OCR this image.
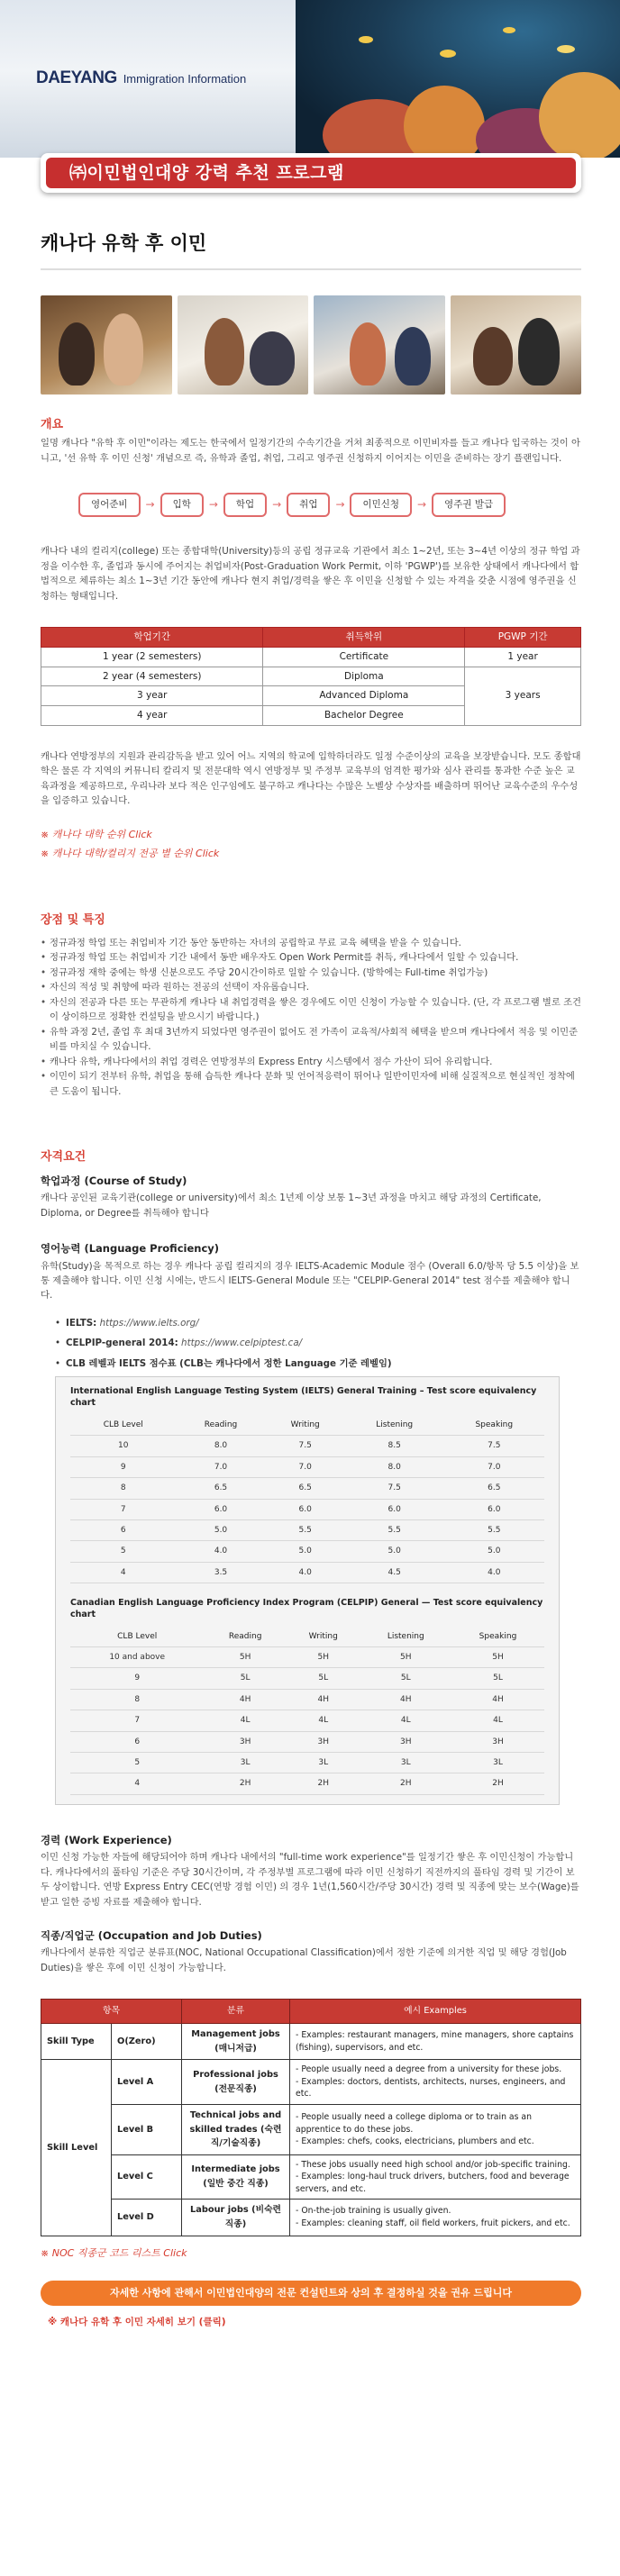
DAEYANG Immigration Information
㈜이민법인대양 강력 추천 프로그램
캐나다 유학 후 이민
개요

일명 캐나다 "유학 후 이민"이라는 제도는 한국에서 일정기간의 수속기간을 거쳐 최종적으로 이민비자를 들고 캐나다 입국하는 것이 아니고, '선 유학 후 이민 신청' 개념으로 즉, 유학과 졸업, 취업, 그리고 영주권 신청하지 이어지는 이민을 준비하는 장기 플랜입니다.

영어준비	→	입학	→	학업	→	취업	→	이민신청	→	영주권 발급

캐나다 내의 컬리지(college) 또는 종합대학(University)등의 공립 정규교육 기관에서 최소 1~2년, 또는 3~4년 이상의 정규 학업 과정을 이수한 후, 졸업과 동시에 주어지는 취업비자(Post-Graduation Work Permit, 이하 'PGWP')를 보유한 상태에서 캐나다에서 합법적으로 체류하는 최소 1~3년 기간 동안에 캐나다 현지 취업/경력을 쌓은 후 이민을 신청할 수 있는 자격을 갖춘 시점에 영주권을 신청하는 형태입니다.

학업기간	취득학위	PGWP 기간
1 year (2 semesters)	Certificate	1 year
2 year (4 semesters)	Diploma	3 years
3 year	Advanced Diploma	
4 year	Bachelor Degree	

캐나다 연방정부의 지원과 관리감독을 받고 있어 어느 지역의 학교에 입학하더라도 일정 수준이상의 교육을 보장받습니다. 모도 종합대학은 물론 각 지역의 커뮤니티 칼리지 및 전문대학 역시 연방정부 및 주정부 교육부의 엄격한 평가와 심사 관리를 통과한 수준 높은 교육과정을 제공하므로, 우리나라 보다 적은 인구임에도 불구하고 캐나다는 수많은 노벨상 수상자를 배출하며 뛰어난 교육수준의 우수성을 입증하고 있습니다.

※ 캐나다 대학 순위 Click
※ 캐나다 대학/컬리지 전공 별 순위 Click
장점 및 특징
• 정규과정 학업 또는 취업비자 기간 동안 동반하는 자녀의 공립학교 무료 교육 혜택을 받을 수 있습니다.
• 정규과정 학업 또는 취업비자 기간 내에서 동반 배우자도 Open Work Permit를 취득, 캐나다에서 일할 수 있습니다.
• 정규과정 재학 중에는 학생 신분으로도 주당 20시간이하로 일할 수 있습니다. (방학에는 Full-time 취업가능)
• 자신의 적성 및 취향에 따라 원하는 전공의 선택이 자유롭습니다.
• 자신의 전공과 다른 또는 무관하게 캐나다 내 취업경력을 쌓은 경우에도 이민 신청이 가능할 수 있습니다. (단, 각 프로그램 별로 조건이 상이하므로 정확한 컨설팅을 받으시기 바랍니다.)
• 유학 과정 2년, 졸업 후 최대 3년까지 되었다면 영주권이 없어도 전 가족이 교육적/사회적 혜택을 받으며 캐나다에서 적응 및 이민준비를 마치실 수 있습니다.
• 캐나다 유학, 캐나다에서의 취업 경력은 연방정부의 Express Entry 시스템에서 점수 가산이 되어 유리합니다.
• 이민이 되기 전부터 유학, 취업을 통해 습득한 캐나다 문화 및 언어적응력이 뛰어나 일반이민자에 비해 실질적으로 현실적인 정착에 큰 도움이 됩니다.
자격요건
학업과정 (Course of Study)

캐나다 공인된 교육기관(college or university)에서 최소 1년제 이상 보통 1~3년 과정을 마치고 해당 과정의 Certificate, Diploma, or Degree를 취득해야 합니다

영어능력 (Language Proficiency)

유학(Study)을 목적으로 하는 경우 캐나다 공립 컬리지의 경우 IELTS-Academic Module 점수 (Overall 6.0/항목 당 5.5 이상)을 보통 제출해야 합니다. 이민 신청 시에는, 반드시 IELTS-General Module 또는 "CELPIP-General 2014" test 점수를 제출해야 합니다.

• IELTS: https://www.ielts.org/
• CELPIP-general 2014: https://www.celpiptest.ca/
• CLB 레벨과 IELTS 점수표 (CLB는 캐나다에서 정한 Language 기준 레벨임)
International English Language Testing System (IELTS) General Training – Test score equivalency chart
CLB Level	Reading	Writing	Listening	Speaking
10	8.0	7.5	8.5	7.5
9	7.0	7.0	8.0	7.0
8	6.5	6.5	7.5	6.5
7	6.0	6.0	6.0	6.0
6	5.0	5.5	5.5	5.5
5	4.0	5.0	5.0	5.0
4	3.5	4.0	4.5	4.0
Canadian English Language Proficiency Index Program (CELPIP) General — Test score equivalency chart
CLB Level	Reading	Writing	Listening	Speaking
10 and above	5H	5H	5H	5H
9	5L	5L	5L	5L
8	4H	4H	4H	4H
7	4L	4L	4L	4L
6	3H	3H	3H	3H
5	3L	3L	3L	3L
4	2H	2H	2H	2H
경력 (Work Experience)

이민 신청 가능한 자들에 해당되어야 하며 캐나다 내에서의 "full-time work experience"를 일정기간 쌓은 후 이민신청이 가능합니다. 캐나다에서의 풀타임 기준은 주당 30시간이며, 각 주정부별 프로그램에 따라 이민 신청하기 직전까지의 풀타임 경력 및 기간이 보두 상이합니다. 연방 Express Entry CEC(연방 경험 이민) 의 경우 1년(1,560시간/주당 30시간) 경력 및 직종에 맞는 보수(Wage)를 받고 일한 증빙 자료를 제출해야 합니다.

직종/직업군 (Occupation and Job Duties)

캐나다에서 분류한 직업군 분류표(NOC, National Occupational Classification)에서 정한 기준에 의거한 직업 및 해당 경험(Job Duties)을 쌓은 후에 이민 신청이 가능합니다.

항목		분류	예시 Examples
Skill Type	O(Zero)	Management jobs (매니저급)	- Examples: restaurant managers, mine managers, shore captains (fishing), supervisors, and etc.
Skill Level	Level A	Professional jobs (전문직종)	- People usually need a degree from a university for these jobs.
- Examples: doctors, dentists, architects, nurses, engineers, and etc.
	Level B	Technical jobs and skilled trades (숙련직/기술직종)	- People usually need a college diploma or to train as an apprentice to do these jobs.
- Examples: chefs, cooks, electricians, plumbers and etc.
	Level C	Intermediate jobs (일반 중간 직종)	- These jobs usually need high school and/or job-specific training.
- Examples: long-haul truck drivers, butchers, food and beverage servers, and etc.
	Level D	Labour jobs (비숙련직종)	- On-the-job training is usually given.
- Examples: cleaning staff, oil field workers, fruit pickers, and etc.
※ NOC 직종군 코드 리스트 Click
자세한 사항에 관해서 이민법인대양의 전문 컨설턴트와 상의 후 결정하실 것을 권유 드립니다
※ 캐나다 유학 후 이민 자세히 보기 (클릭)
